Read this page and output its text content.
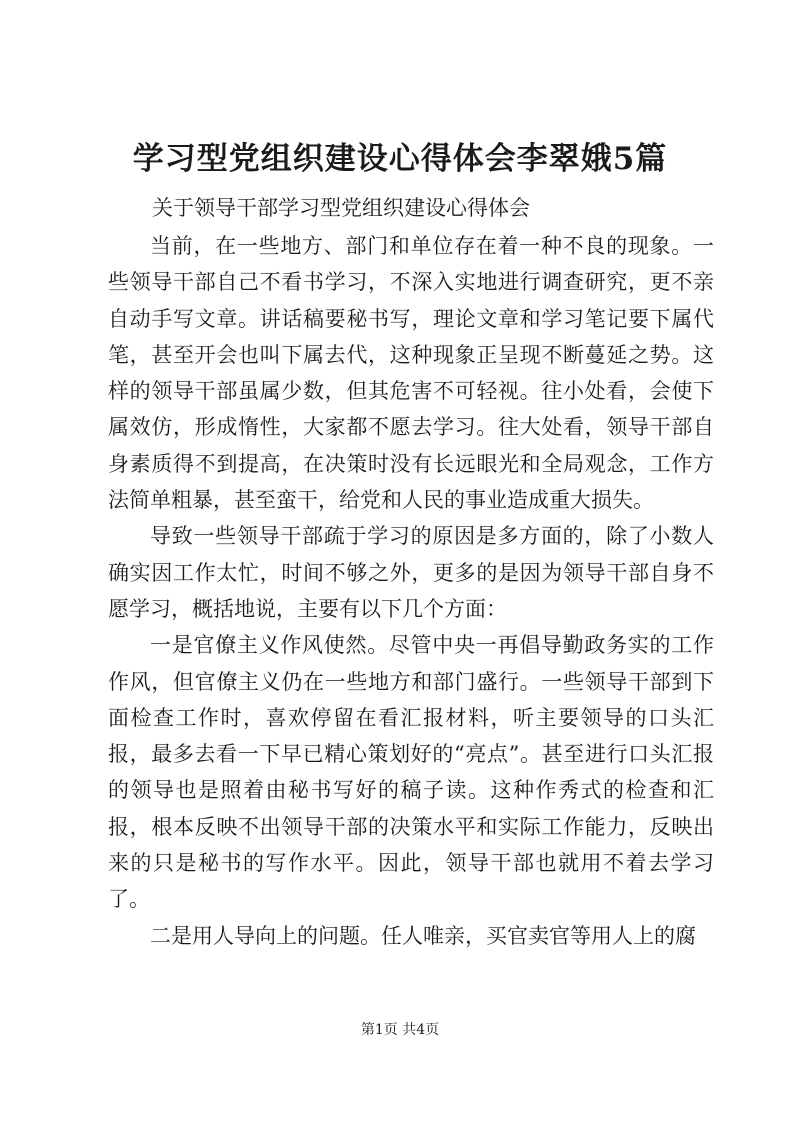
学习型党组织建设心得体会李翠娥5篇
关于领导干部学习型党组织建设心得体会

当前，在一些地方、部门和单位存在着一种不良的现象。一些领导干部自己不看书学习，不深入实地进行调查研究，更不亲自动手写文章。讲话稿要秘书写，理论文章和学习笔记要下属代笔，甚至开会也叫下属去代，这种现象正呈现不断蔓延之势。这样的领导干部虽属少数，但其危害不可轻视。往小处看，会使下属效仿，形成惰性，大家都不愿去学习。往大处看，领导干部自身素质得不到提高，在决策时没有长远眼光和全局观念，工作方法简单粗暴，甚至蛮干，给党和人民的事业造成重大损失。

导致一些领导干部疏于学习的原因是多方面的，除了小数人确实因工作太忙，时间不够之外，更多的是因为领导干部自身不愿学习，概括地说，主要有以下几个方面：

一是官僚主义作风使然。尽管中央一再倡导勤政务实的工作作风，但官僚主义仍在一些地方和部门盛行。一些领导干部到下面检查工作时，喜欢停留在看汇报材料，听主要领导的口头汇报，最多去看一下早已精心策划好的“亮点”。甚至进行口头汇报的领导也是照着由秘书写好的稿子读。这种作秀式的检查和汇报，根本反映不出领导干部的决策水平和实际工作能力，反映出来的只是秘书的写作水平。因此，领导干部也就用不着去学习了。

二是用人导向上的问题。任人唯亲，买官卖官等用人上的腐

第1页 共4页
